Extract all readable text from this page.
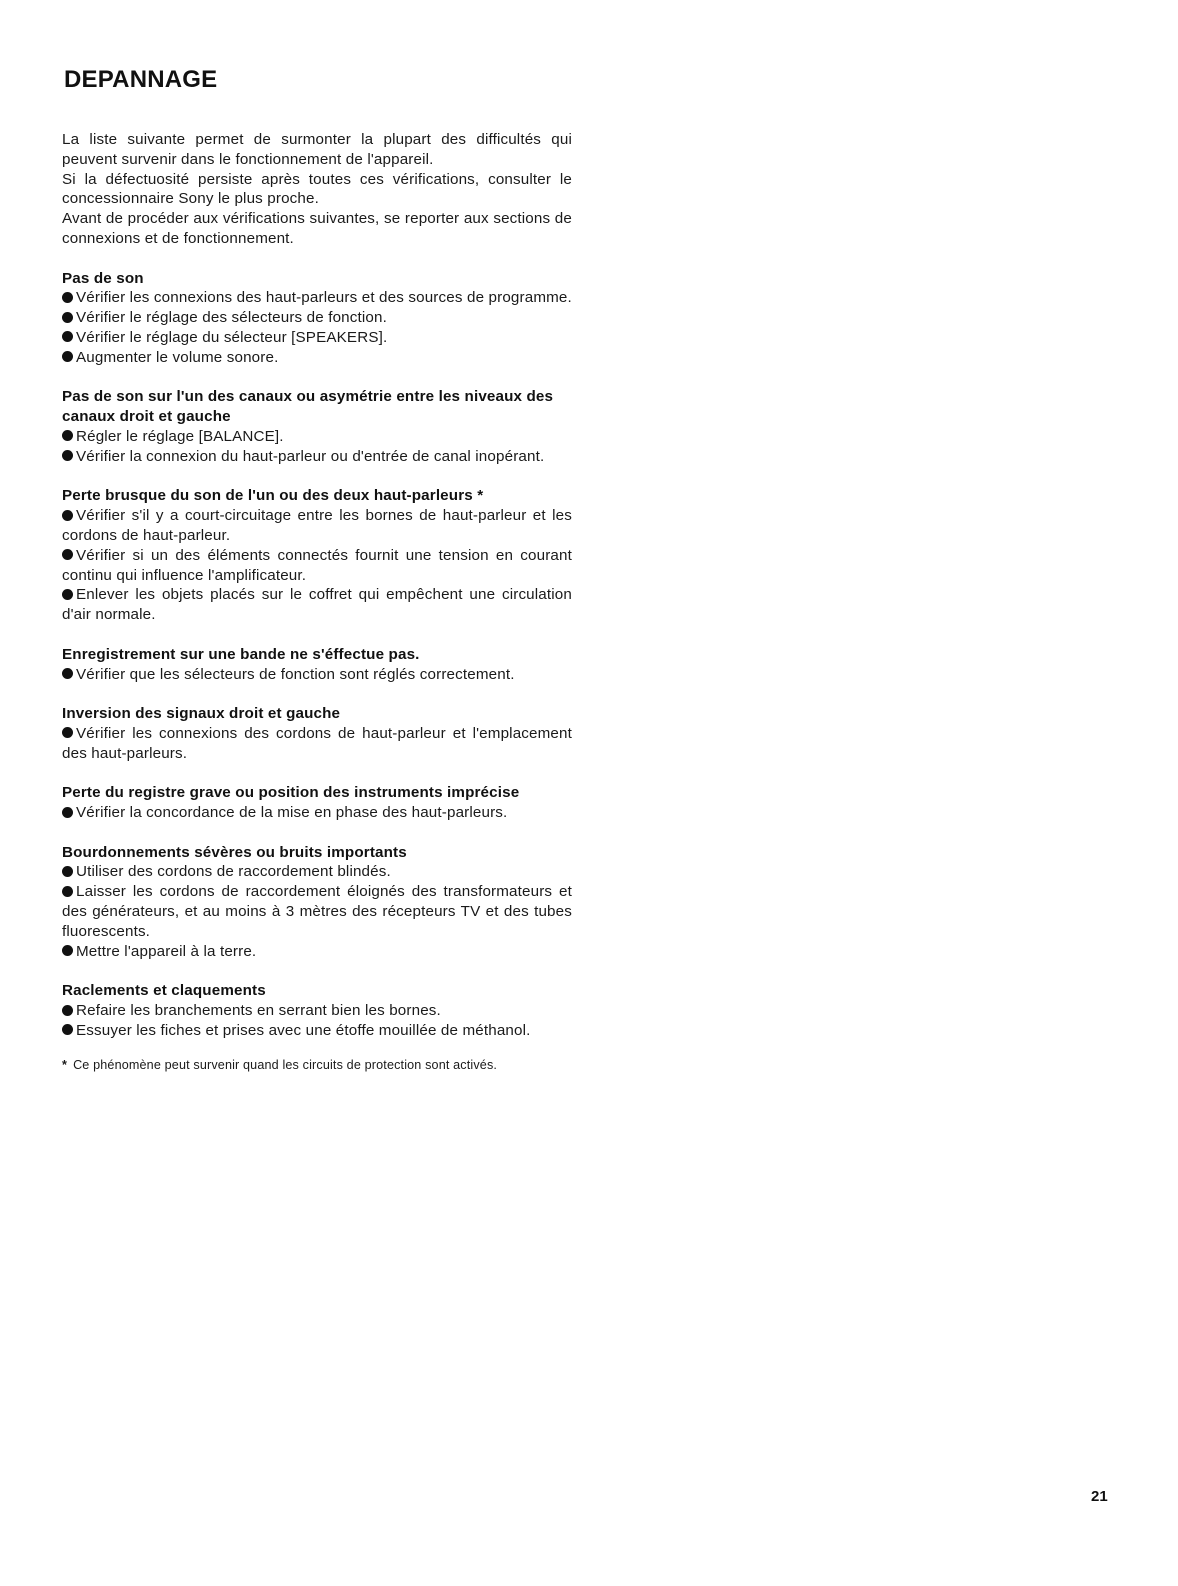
DEPANNAGE

La liste suivante permet de surmonter la plupart des difficultés qui peuvent survenir dans le fonctionnement de l'appareil.

Si la défectuosité persiste après toutes ces vérifications, consulter le concessionnaire Sony le plus proche.

Avant de procéder aux vérifications suivantes, se reporter aux sections de connexions et de fonctionnement.

Pas de son
Vérifier les connexions des haut-parleurs et des sources de programme.
Vérifier le réglage des sélecteurs de fonction.
Vérifier le réglage du sélecteur [SPEAKERS].
Augmenter le volume sonore.
Pas de son sur l'un des canaux ou asymétrie entre les niveaux des canaux droit et gauche
Régler le réglage [BALANCE].
Vérifier la connexion du haut-parleur ou d'entrée de canal inopérant.
Perte brusque du son de l'un ou des deux haut-parleurs *
Vérifier s'il y a court-circuitage entre les bornes de haut-parleur et les cordons de haut-parleur.
Vérifier si un des éléments connectés fournit une tension en courant continu qui influence l'amplificateur.
Enlever les objets placés sur le coffret qui empêchent une circulation d'air normale.
Enregistrement sur une bande ne s'éffectue pas.
Vérifier que les sélecteurs de fonction sont réglés correctement.
Inversion des signaux droit et gauche
Vérifier les connexions des cordons de haut-parleur et l'emplacement des haut-parleurs.
Perte du registre grave ou position des instruments imprécise
Vérifier la concordance de la mise en phase des haut-parleurs.
Bourdonnements sévères ou bruits importants
Utiliser des cordons de raccordement blindés.
Laisser les cordons de raccordement éloignés des transformateurs et des générateurs, et au moins à 3 mètres des récepteurs TV et des tubes fluorescents.
Mettre l'appareil à la terre.
Raclements et claquements
Refaire les branchements en serrant bien les bornes.
Essuyer les fiches et prises avec une étoffe mouillée de méthanol.
* Ce phénomène peut survenir quand les circuits de protection sont activés.
21
